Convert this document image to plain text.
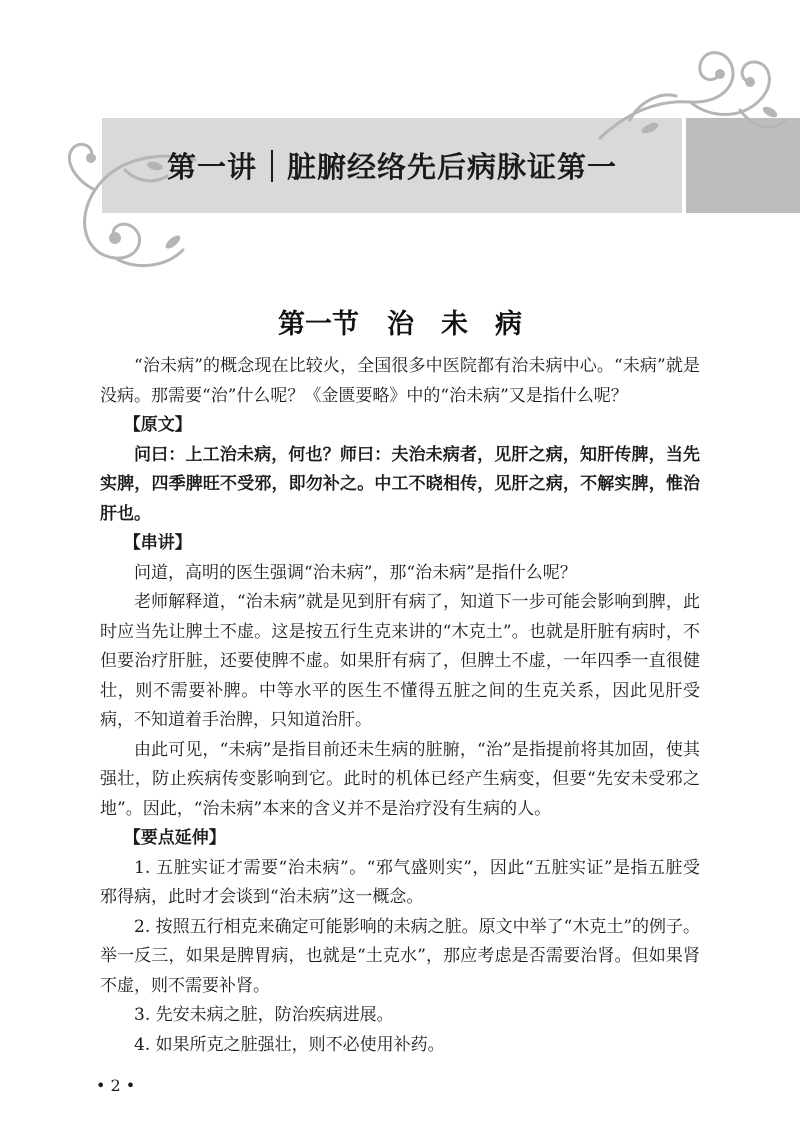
第一讲 脏腑经络先后病脉证第一
第一节 治　未　病

“治未病”的概念现在比较火，全国很多中医院都有治未病中心。“未病”就是没病。那需要“治”什么呢？《金匮要略》中的“治未病”又是指什么呢？

【原文】

问曰：上工治未病，何也？师曰：夫治未病者，见肝之病，知肝传脾，当先实脾，四季脾旺不受邪，即勿补之。中工不晓相传，见肝之病，不解实脾，惟治肝也。

【串讲】

问道，高明的医生强调“治未病”，那“治未病”是指什么呢？

老师解释道，“治未病”就是见到肝有病了，知道下一步可能会影响到脾，此时应当先让脾土不虚。这是按五行生克来讲的“木克土”。也就是肝脏有病时，不但要治疗肝脏，还要使脾不虚。如果肝有病了，但脾土不虚，一年四季一直很健壮，则不需要补脾。中等水平的医生不懂得五脏之间的生克关系，因此见肝受病，不知道着手治脾，只知道治肝。

由此可见，“未病”是指目前还未生病的脏腑，“治”是指提前将其加固，使其强壮，防止疾病传变影响到它。此时的机体已经产生病变，但要“先安未受邪之地”。因此，“治未病”本来的含义并不是治疗没有生病的人。

【要点延伸】

1. 五脏实证才需要“治未病”。“邪气盛则实”，因此“五脏实证”是指五脏受邪得病，此时才会谈到“治未病”这一概念。

2. 按照五行相克来确定可能影响的未病之脏。原文中举了“木克土”的例子。举一反三，如果是脾胃病，也就是“土克水”，那应考虑是否需要治肾。但如果肾不虚，则不需要补肾。

3. 先安未病之脏，防治疾病进展。

4. 如果所克之脏强壮，则不必使用补药。

• 2 •
